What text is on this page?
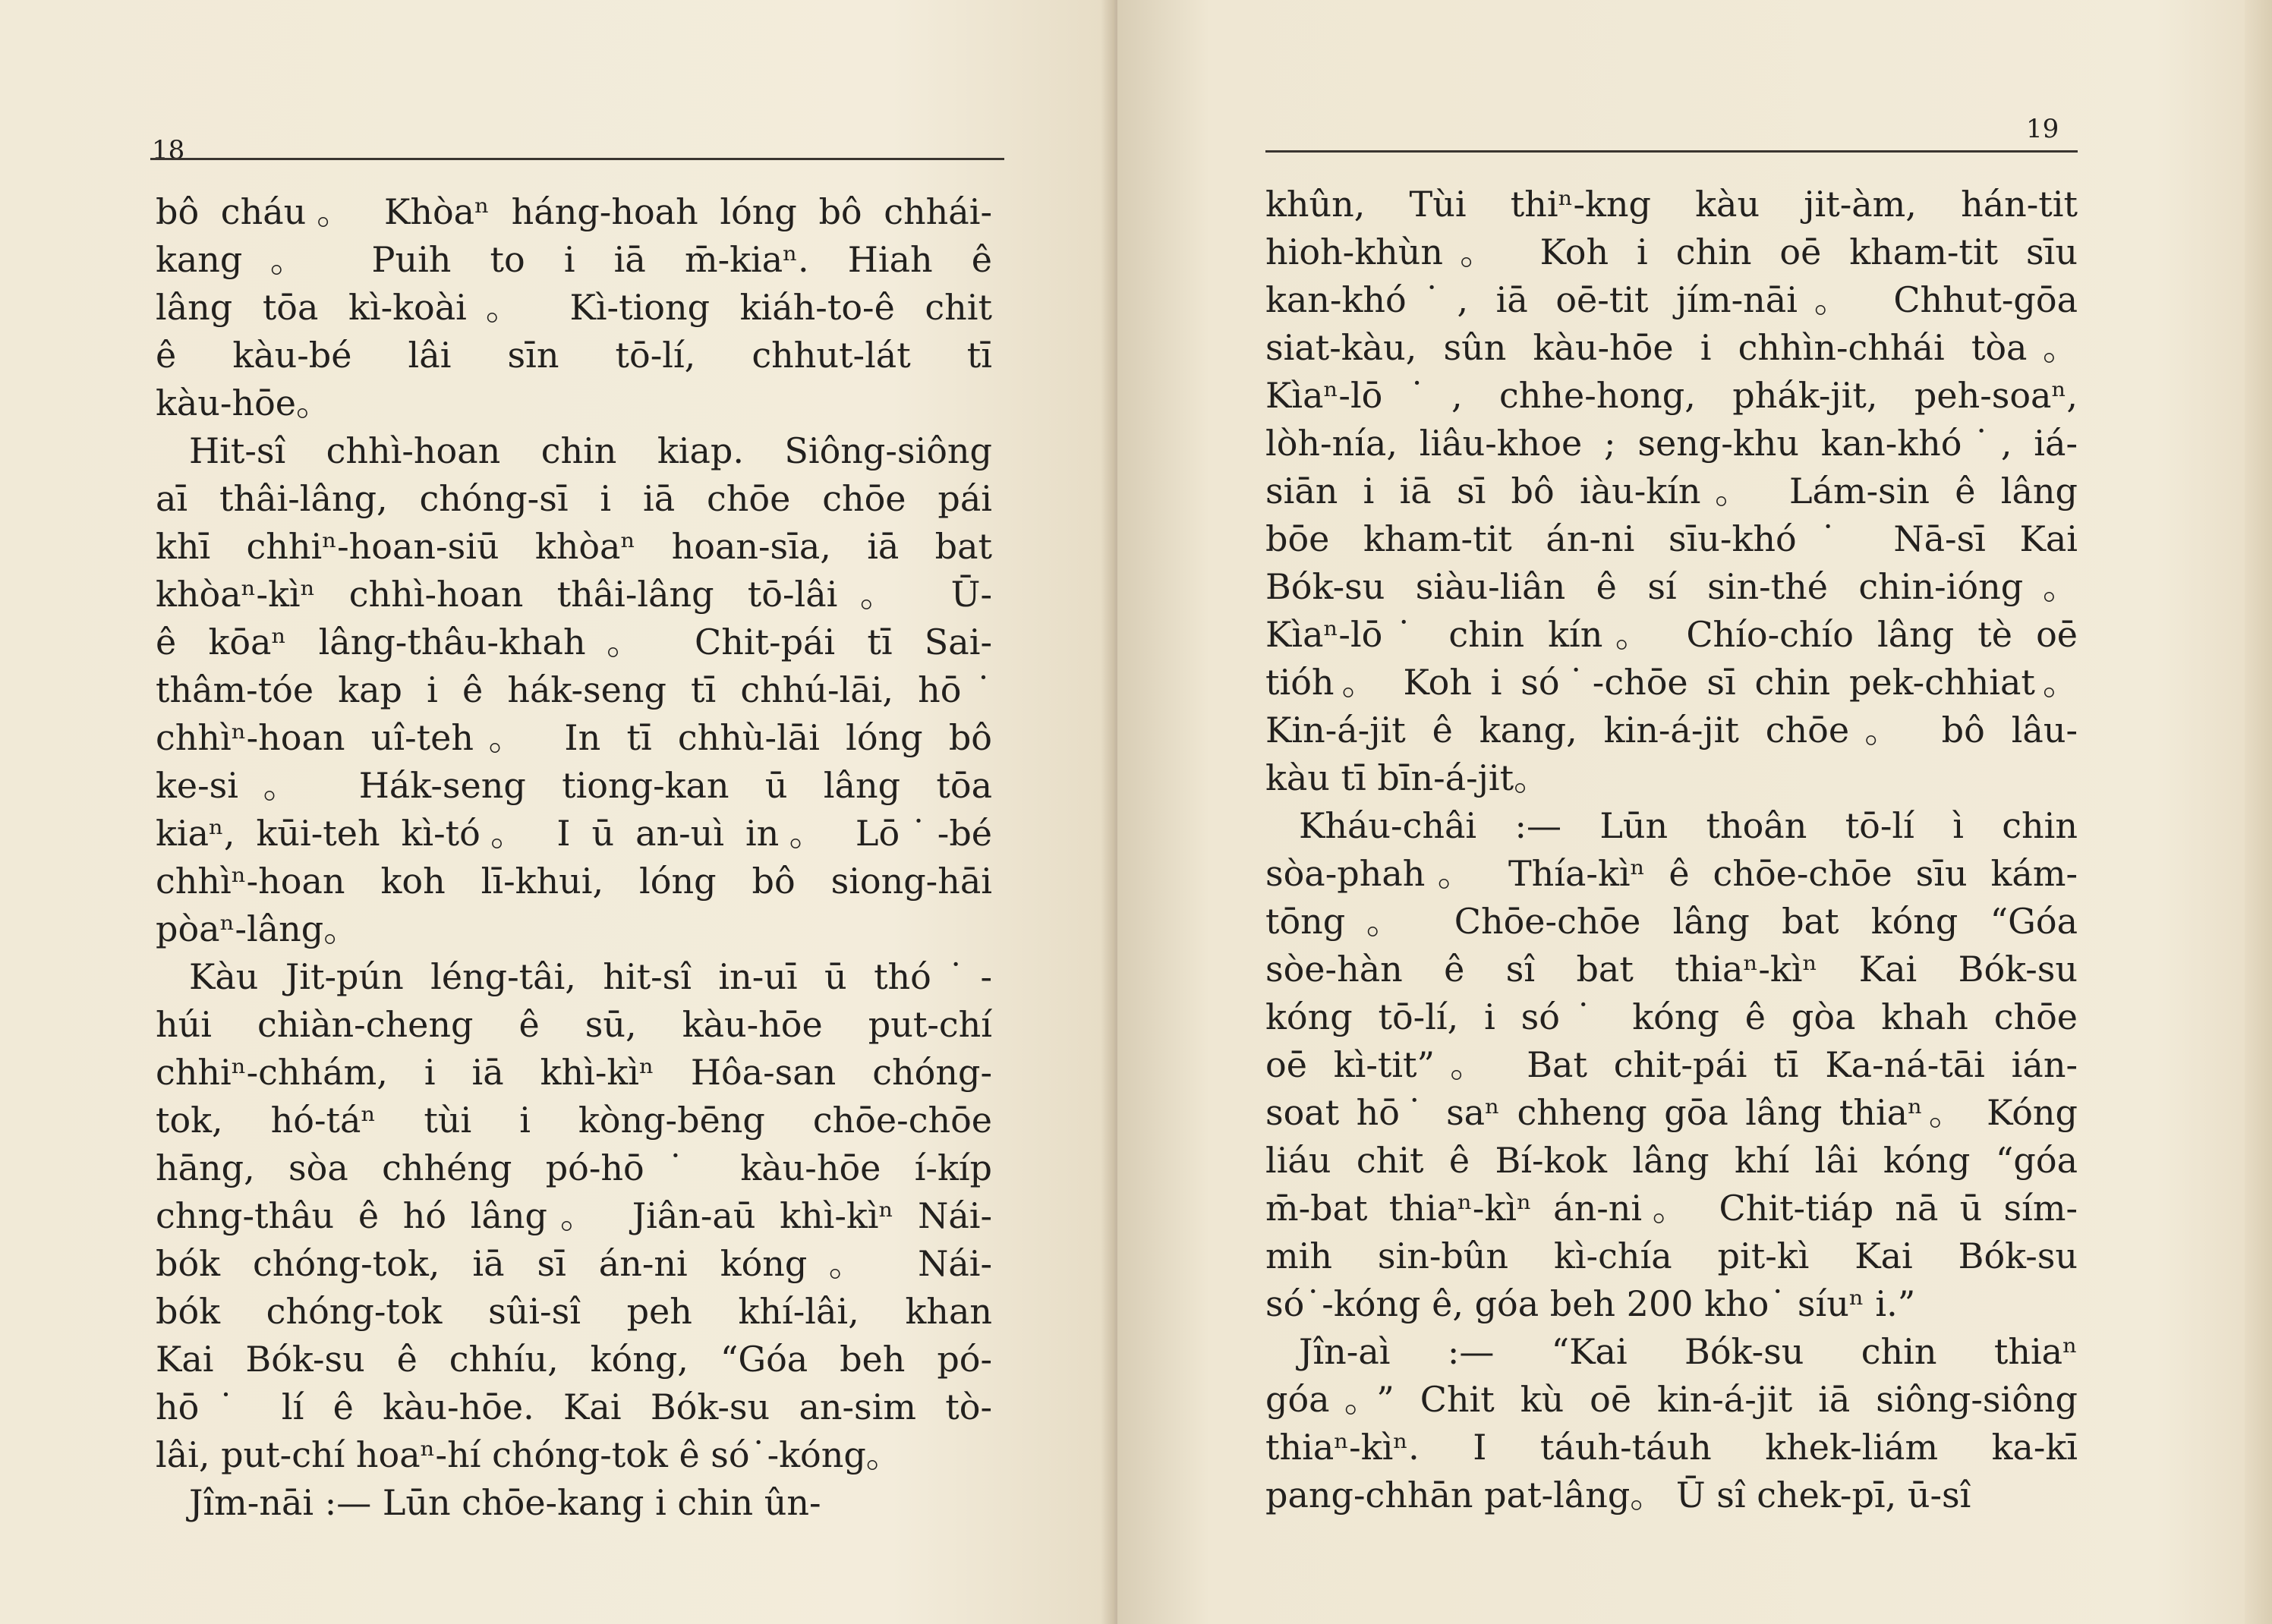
18
bô cháu。 Khòaⁿ háng-hoah lóng bô chhái-
kang。 Puih to i iā m̄-kiaⁿ. Hiah ê
lâng tōa kì-koài。 Kì-tiong kiáh-to-ê chit
ê kàu-bé lâi sīn tō-lí, chhut-lát tī
kàu-hōe。
Hit-sî chhì-hoan chin kiap. Siông-siông
aī thâi-lâng, chóng-sī i iā chōe chōe pái
khī chhiⁿ-hoan-siū khòaⁿ hoan-sīa, iā bat
khòaⁿ-kìⁿ chhì-hoan thâi-lâng tō-lâi。 Ū-
ê kōaⁿ lâng-thâu-khah。 Chit-pái tī Sai-
thâm-tóe kap i ê hák-seng tī chhú-lāi, hō˙
chhìⁿ-hoan uî-teh。 In tī chhù-lāi lóng bô
ke-si。 Hák-seng tiong-kan ū lâng tōa
kiaⁿ, kūi-teh kì-tó。 I ū an-uì in。 Lō˙-bé
chhìⁿ-hoan koh lī-khui, lóng bô siong-hāi
pòaⁿ-lâng。
Kàu Jit-pún léng-tâi, hit-sî in-uī ū thó˙-
húi chiàn-cheng ê sū, kàu-hōe put-chí
chhiⁿ-chhám, i iā khì-kìⁿ Hôa-san chóng-
tok, hó-táⁿ tùi i kòng-bēng chōe-chōe
hāng, sòa chhéng pó-hō˙ kàu-hōe í-kíp
chng-thâu ê hó lâng。 Jiân-aū khì-kìⁿ Nái-
bók chóng-tok, iā sī án-ni kóng。 Nái-
bók chóng-tok sûi-sî peh khí-lâi, khan
Kai Bók-su ê chhíu, kóng, “Góa beh pó-
hō˙ lí ê kàu-hōe. Kai Bók-su an-sim tò-
lâi, put-chí hoaⁿ-hí chóng-tok ê só˙-kóng。
Jîm-nāi :— Lūn chōe-kang i chin ûn-
19
khûn, Tùi thiⁿ-kng kàu jit-àm, hán-tit
hioh-khùn。 Koh i chin oē kham-tit sīu
kan-khó˙, iā oē-tit jím-nāi。 Chhut-gōa
siat-kàu, sûn kàu-hōe i chhìn-chhái tòa。
Kìaⁿ-lō˙, chhe-hong, phák-jit, peh-soaⁿ,
lòh-nía, liâu-khoe ; seng-khu kan-khó˙, iá-
siān i iā sī bô iàu-kín。 Lám-sin ê lâng
bōe kham-tit án-ni sīu-khó˙ Nā-sī Kai
Bók-su siàu-liân ê sí sin-thé chin-ióng。
Kìaⁿ-lō˙ chin kín。 Chío-chío lâng tè oē
tióh。 Koh i só˙-chōe sī chin pek-chhiat。
Kin-á-jit ê kang, kin-á-jit chōe。 bô lâu-
kàu tī bīn-á-jit。
Kháu-châi :— Lūn thoân tō-lí ì chin
sòa-phah。 Thía-kìⁿ ê chōe-chōe sīu kám-
tōng。 Chōe-chōe lâng bat kóng “Góa
sòe-hàn ê sî bat thiaⁿ-kìⁿ Kai Bók-su
kóng tō-lí, i só˙ kóng ê gòa khah chōe
oē kì-tit”。 Bat chit-pái tī Ka-ná-tāi ián-
soat hō˙ saⁿ chheng gōa lâng thiaⁿ。 Kóng
liáu chit ê Bí-kok lâng khí lâi kóng “góa
m̄-bat thiaⁿ-kìⁿ án-ni。 Chit-tiáp nā ū sím-
mih sin-bûn kì-chía pit-kì Kai Bók-su
só˙-kóng ê, góa beh 200 kho˙ síuⁿ i.”
Jîn-aì :— “Kai Bók-su chin thiaⁿ
góa。” Chit kù oē kin-á-jit iā siông-siông
thiaⁿ-kìⁿ. I táuh-táuh khek-liám ka-kī
pang-chhān pat-lâng。 Ū sî chek-pī, ū-sî
